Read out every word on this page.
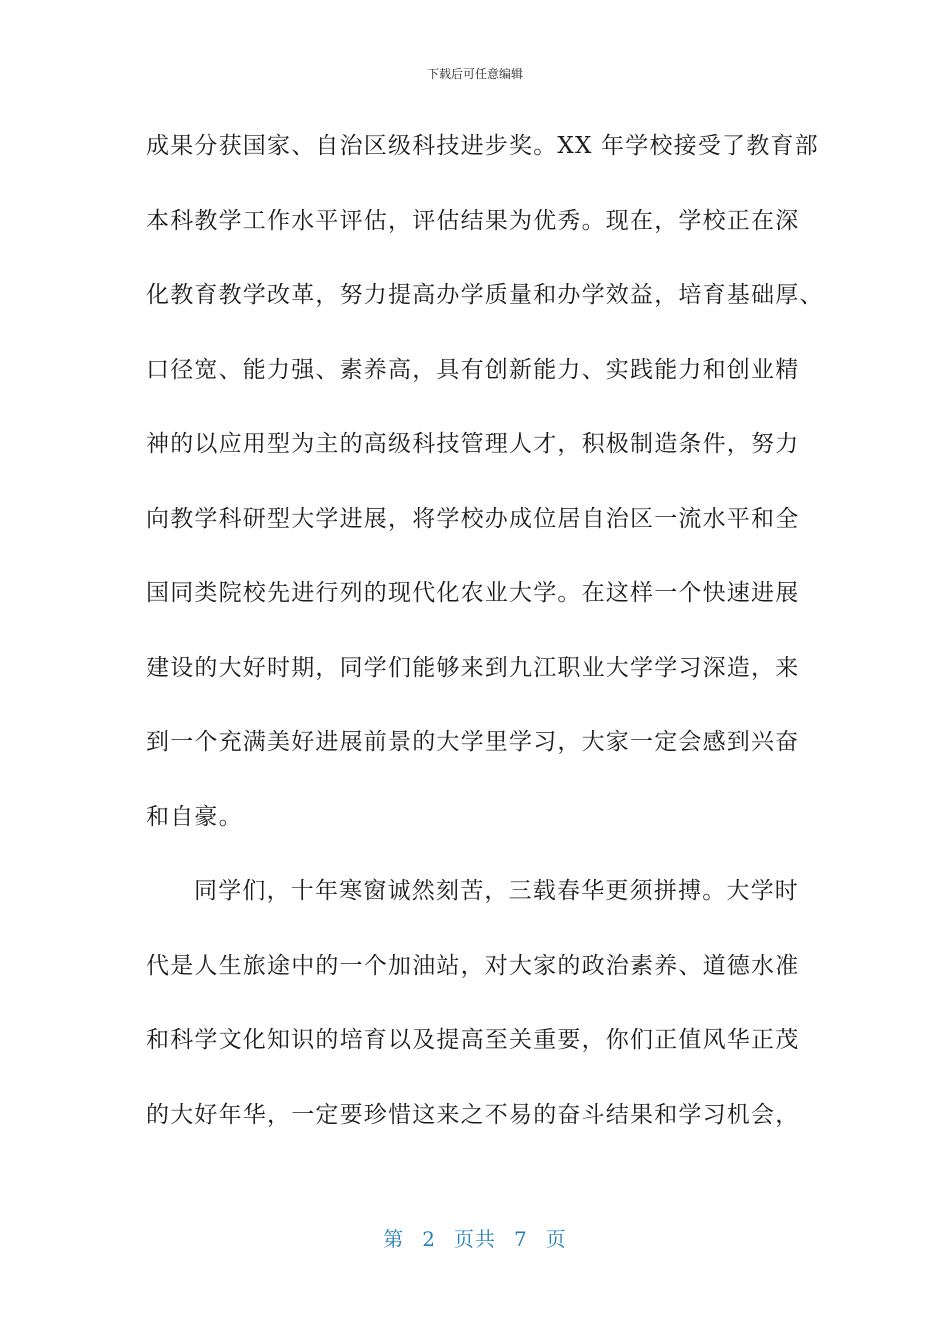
下载后可任意编辑
成果分获国家、自治区级科技进步奖。XX 年学校接受了教育部
本科教学工作水平评估，评估结果为优秀。现在，学校正在深
化教育教学改革，努力提高办学质量和办学效益，培育基础厚、
口径宽、能力强、素养高，具有创新能力、实践能力和创业精
神的以应用型为主的高级科技管理人才，积极制造条件，努力
向教学科研型大学进展，将学校办成位居自治区一流水平和全
国同类院校先进行列的现代化农业大学。在这样一个快速进展
建设的大好时期，同学们能够来到九江职业大学学习深造，来
到一个充满美好进展前景的大学里学习，大家一定会感到兴奋
和自豪。
同学们，十年寒窗诚然刻苦，三载春华更须拼搏。大学时
代是人生旅途中的一个加油站，对大家的政治素养、道德水准
和科学文化知识的培育以及提高至关重要，你们正值风华正茂
的大好年华，一定要珍惜这来之不易的奋斗结果和学习机会，
第 2 页共 7 页
